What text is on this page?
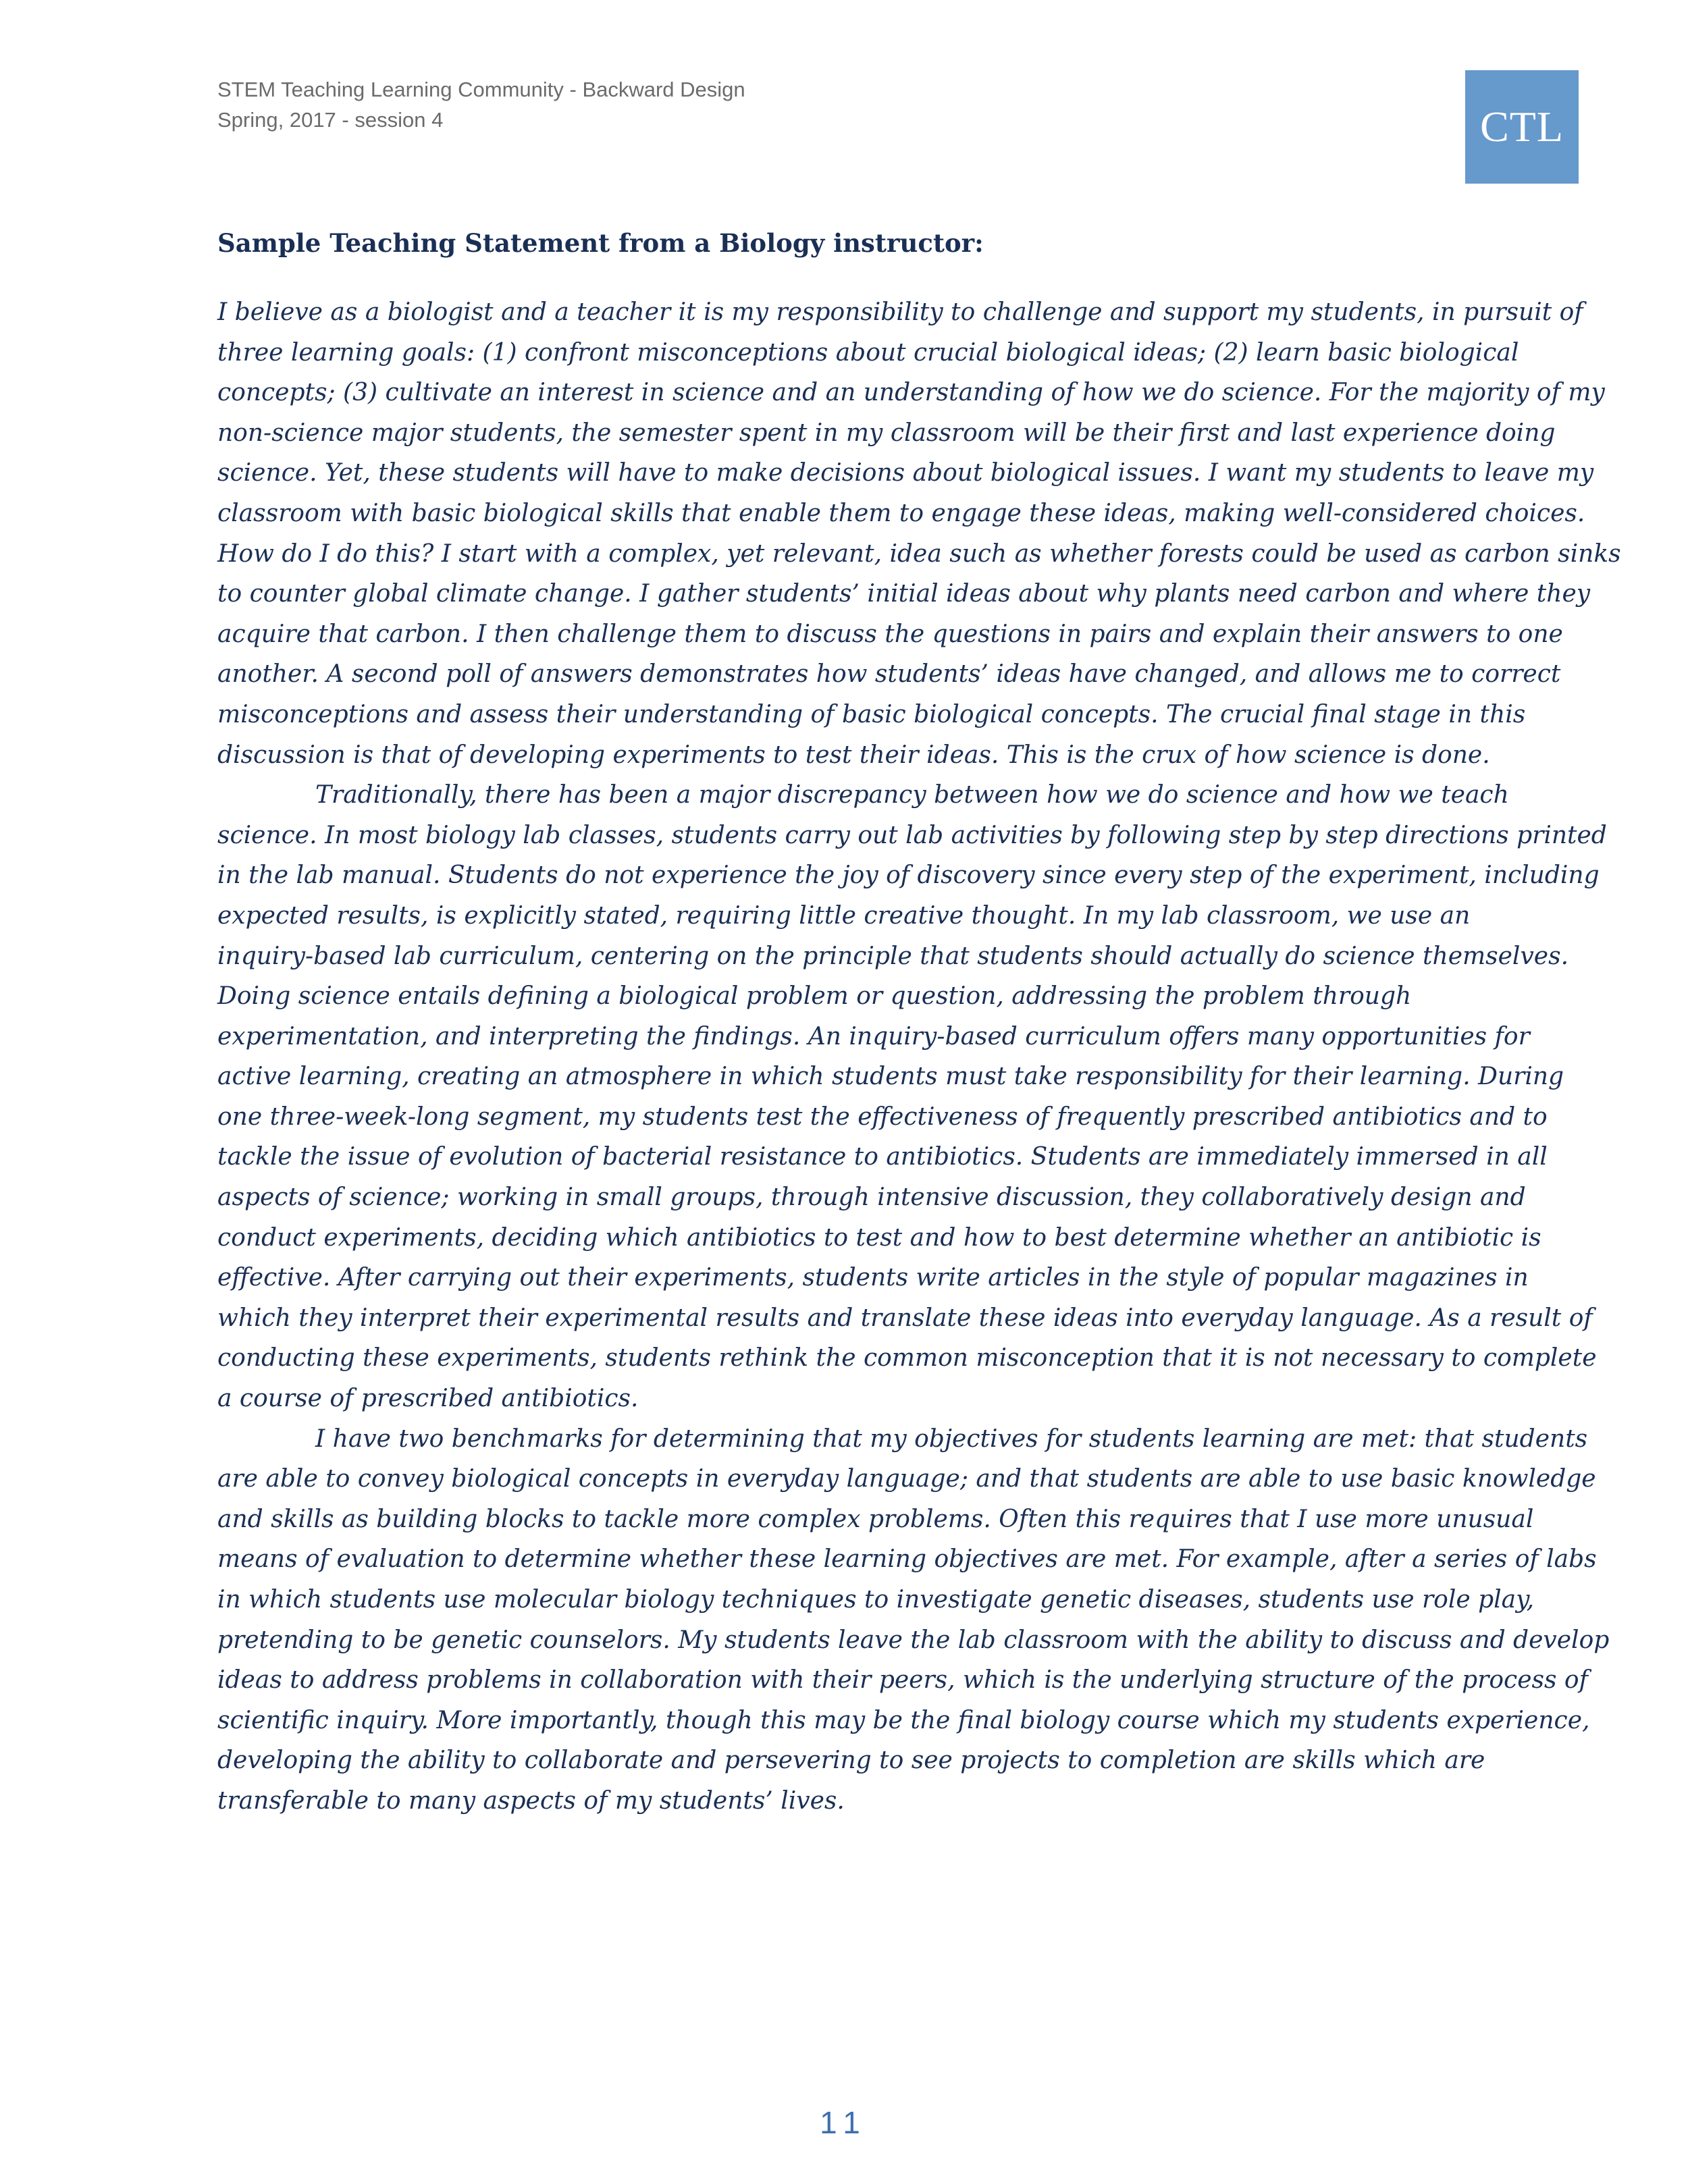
STEM Teaching Learning Community - Backward Design
Spring, 2017 - session 4	CTL
Sample Teaching Statement from a Biology instructor:
I believe as a biologist and a teacher it is my responsibility to challenge and support my students, in pursuit of
three learning goals: (1) confront misconceptions about crucial biological ideas; (2) learn basic biological
concepts; (3) cultivate an interest in science and an understanding of how we do science. For the majority of my
non-science major students, the semester spent in my classroom will be their first and last experience doing
science. Yet, these students will have to make decisions about biological issues. I want my students to leave my
classroom with basic biological skills that enable them to engage these ideas, making well-considered choices.
How do I do this? I start with a complex, yet relevant, idea such as whether forests could be used as carbon sinks
to counter global climate change. I gather students’ initial ideas about why plants need carbon and where they
acquire that carbon. I then challenge them to discuss the questions in pairs and explain their answers to one
another. A second poll of answers demonstrates how students’ ideas have changed, and allows me to correct
misconceptions and assess their understanding of basic biological concepts. The crucial final stage in this
discussion is that of developing experiments to test their ideas. This is the crux of how science is done.
Traditionally, there has been a major discrepancy between how we do science and how we teach
science. In most biology lab classes, students carry out lab activities by following step by step directions printed
in the lab manual. Students do not experience the joy of discovery since every step of the experiment, including
expected results, is explicitly stated, requiring little creative thought. In my lab classroom, we use an
inquiry-based lab curriculum, centering on the principle that students should actually do science themselves.
Doing science entails defining a biological problem or question, addressing the problem through
experimentation, and interpreting the findings. An inquiry-based curriculum offers many opportunities for
active learning, creating an atmosphere in which students must take responsibility for their learning. During
one three-week-long segment, my students test the effectiveness of frequently prescribed antibiotics and to
tackle the issue of evolution of bacterial resistance to antibiotics. Students are immediately immersed in all
aspects of science; working in small groups, through intensive discussion, they collaboratively design and
conduct experiments, deciding which antibiotics to test and how to best determine whether an antibiotic is
effective. After carrying out their experiments, students write articles in the style of popular magazines in
which they interpret their experimental results and translate these ideas into everyday language. As a result of
conducting these experiments, students rethink the common misconception that it is not necessary to complete
a course of prescribed antibiotics.
I have two benchmarks for determining that my objectives for students learning are met: that students
are able to convey biological concepts in everyday language; and that students are able to use basic knowledge
and skills as building blocks to tackle more complex problems. Often this requires that I use more unusual
means of evaluation to determine whether these learning objectives are met. For example, after a series of labs
in which students use molecular biology techniques to investigate genetic diseases, students use role play,
pretending to be genetic counselors. My students leave the lab classroom with the ability to discuss and develop
ideas to address problems in collaboration with their peers, which is the underlying structure of the process of
scientific inquiry. More importantly, though this may be the final biology course which my students experience,
developing the ability to collaborate and persevering to see projects to completion are skills which are
transferable to many aspects of my students’ lives.
11
